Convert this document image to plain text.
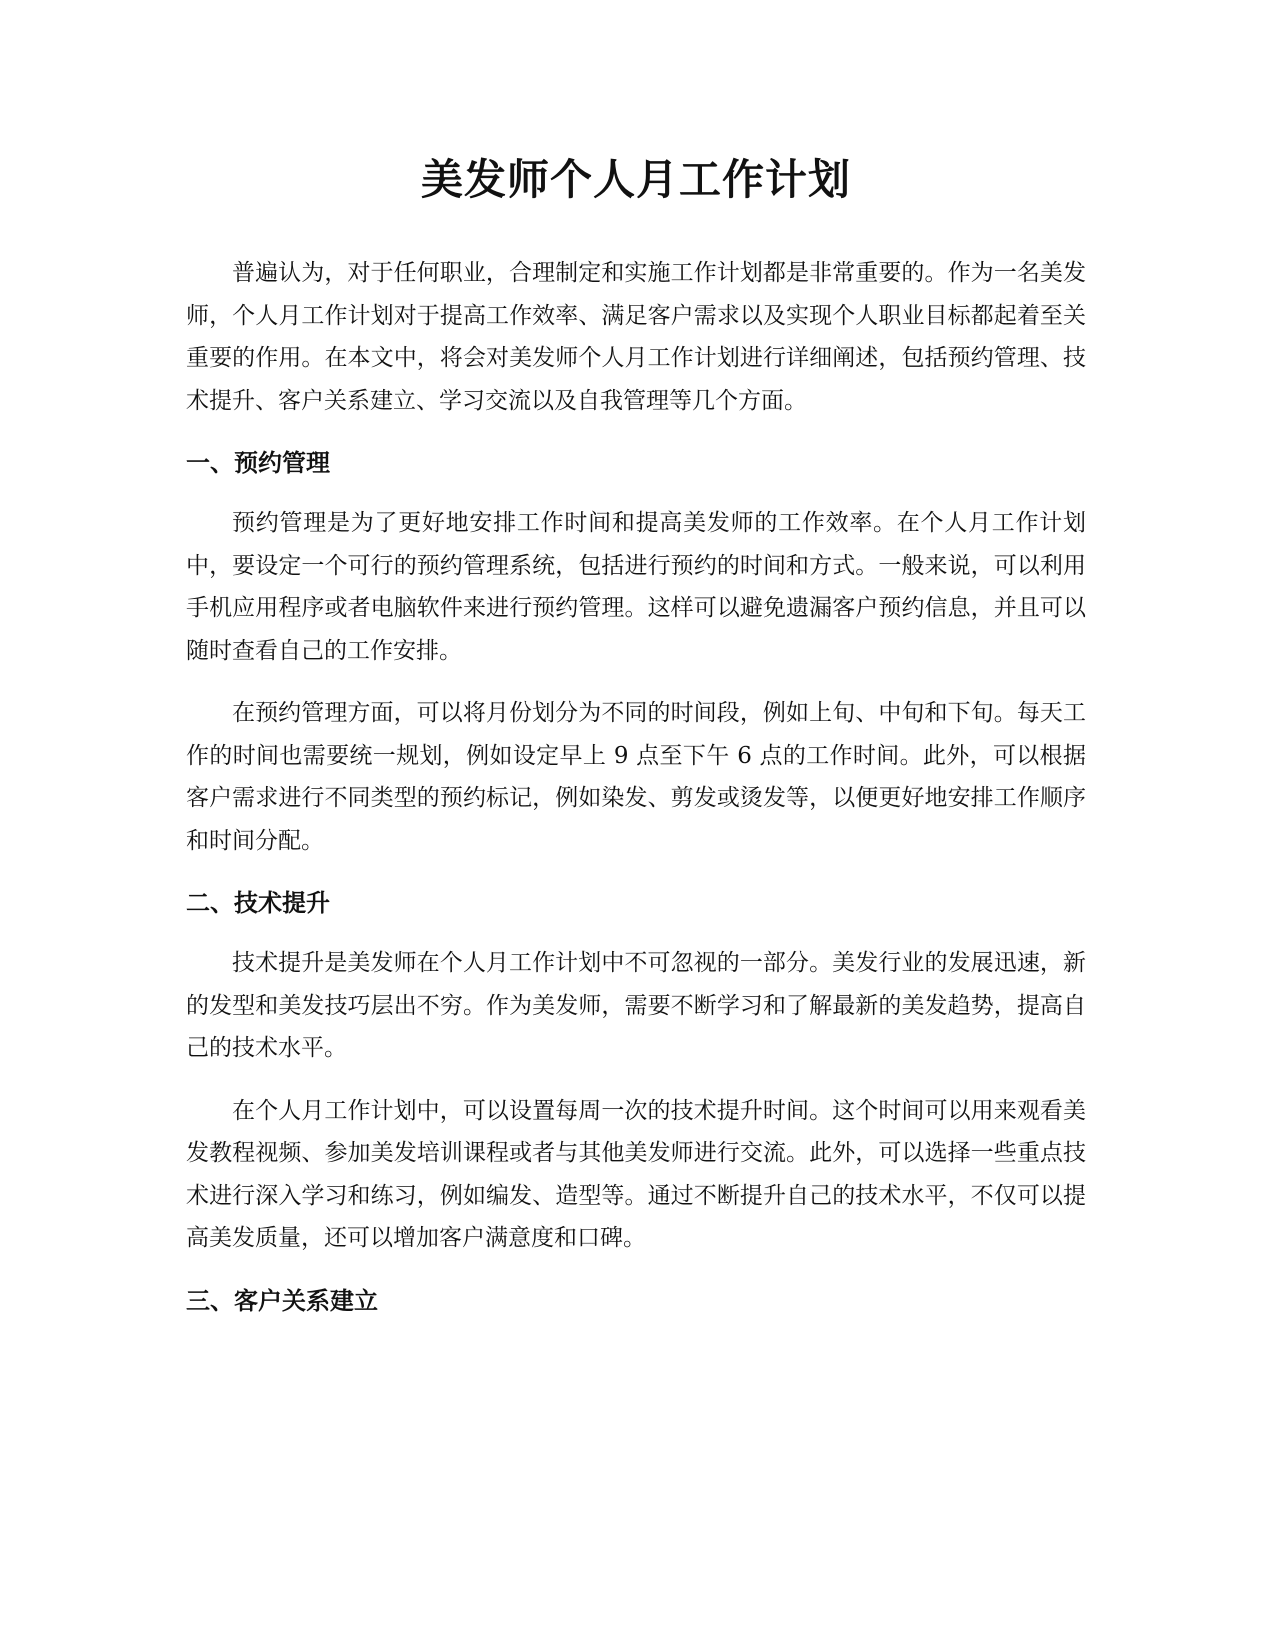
美发师个人月工作计划

普遍认为，对于任何职业，合理制定和实施工作计划都是非常重要的。作为一名美发师，个人月工作计划对于提高工作效率、满足客户需求以及实现个人职业目标都起着至关重要的作用。在本文中，将会对美发师个人月工作计划进行详细阐述，包括预约管理、技术提升、客户关系建立、学习交流以及自我管理等几个方面。

一、预约管理

预约管理是为了更好地安排工作时间和提高美发师的工作效率。在个人月工作计划中，要设定一个可行的预约管理系统，包括进行预约的时间和方式。一般来说，可以利用手机应用程序或者电脑软件来进行预约管理。这样可以避免遗漏客户预约信息，并且可以随时查看自己的工作安排。

在预约管理方面，可以将月份划分为不同的时间段，例如上旬、中旬和下旬。每天工作的时间也需要统一规划，例如设定早上 9 点至下午 6 点的工作时间。此外，可以根据客户需求进行不同类型的预约标记，例如染发、剪发或烫发等，以便更好地安排工作顺序和时间分配。

二、技术提升

技术提升是美发师在个人月工作计划中不可忽视的一部分。美发行业的发展迅速，新的发型和美发技巧层出不穷。作为美发师，需要不断学习和了解最新的美发趋势，提高自己的技术水平。

在个人月工作计划中，可以设置每周一次的技术提升时间。这个时间可以用来观看美发教程视频、参加美发培训课程或者与其他美发师进行交流。此外，可以选择一些重点技术进行深入学习和练习，例如编发、造型等。通过不断提升自己的技术水平，不仅可以提高美发质量，还可以增加客户满意度和口碑。

三、客户关系建立
